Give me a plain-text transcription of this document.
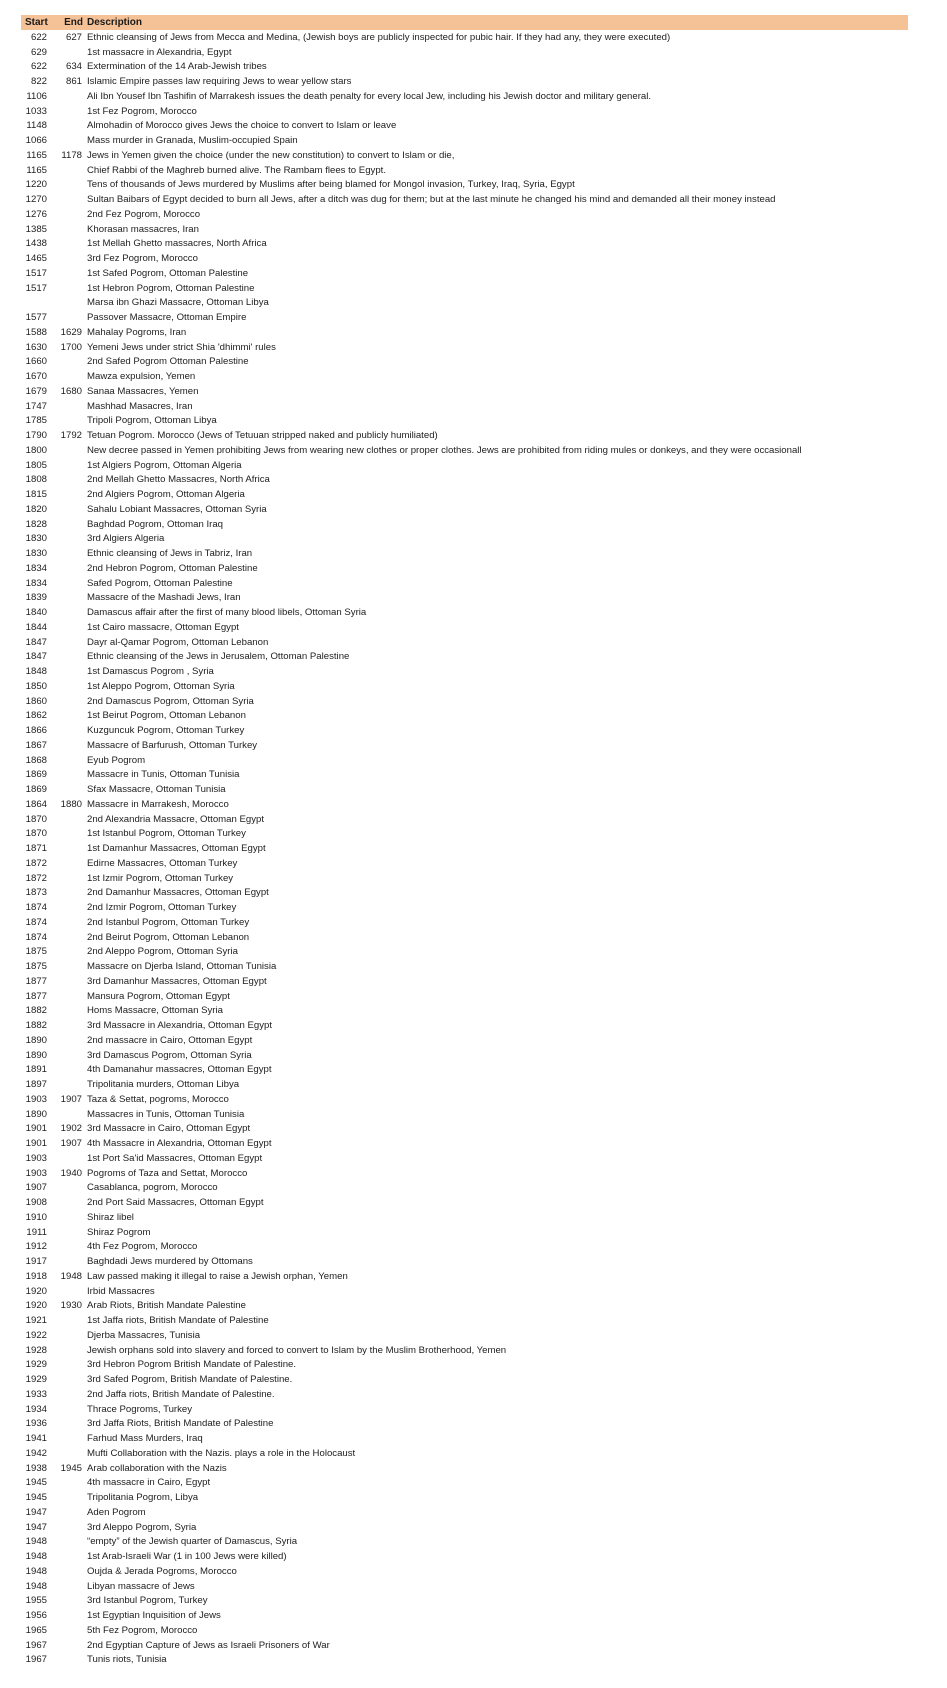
Start	End Description
622	627 Ethnic cleansing of Jews from Mecca and Medina, (Jewish boys are publicly inspected for pubic hair. If they had any, they were executed)
629	1st massacre in Alexandria, Egypt
622	634 Extermination of the 14 Arab-Jewish tribes
822	861 Islamic Empire passes law requiring Jews to wear yellow stars
1106	Ali Ibn Yousef Ibn Tashifin of Marrakesh issues the death penalty for every local Jew, including his Jewish doctor and military general.
1033	1st Fez Pogrom, Morocco
1148	Almohadin of Morocco gives Jews the choice to convert to Islam or leave
1066	Mass murder in Granada, Muslim-occupied Spain
1165	1178 Jews in Yemen given the choice (under the new constitution) to convert to Islam or die,
1165	Chief Rabbi of the Maghreb burned alive. The Rambam flees to Egypt.
1220	Tens of thousands of Jews murdered by Muslims after being blamed for Mongol invasion, Turkey, Iraq, Syria, Egypt
1270	Sultan Baibars of Egypt decided to burn all Jews, after a ditch was dug for them; but at the last minute he changed his mind and demanded all their money instead
1276	2nd Fez Pogrom, Morocco
1385	Khorasan massacres, Iran
1438	1st Mellah Ghetto massacres, North Africa
1465	3rd Fez Pogrom, Morocco
1517	1st Safed Pogrom, Ottoman Palestine
1517	1st Hebron Pogrom, Ottoman Palestine
Marsa ibn Ghazi Massacre, Ottoman Libya
1577	Passover Massacre, Ottoman Empire
1588	1629 Mahalay Pogroms, Iran
1630	1700 Yemeni Jews under strict Shia 'dhimmi' rules
1660	2nd Safed Pogrom Ottoman Palestine
1670	Mawza expulsion, Yemen
1679	1680 Sanaa Massacres, Yemen
1747	Mashhad Masacres, Iran
1785	Tripoli Pogrom, Ottoman Libya
1790	1792 Tetuan Pogrom. Morocco (Jews of Tetuuan stripped naked and publicly humiliated)
1800	New decree passed in Yemen prohibiting Jews from wearing new clothes or proper clothes. Jews are prohibited from riding mules or donkeys, and they were occasionall
1805	1st Algiers Pogrom, Ottoman Algeria
1808	2nd Mellah Ghetto Massacres, North Africa
1815	2nd Algiers Pogrom, Ottoman Algeria
1820	Sahalu Lobiant Massacres, Ottoman Syria
1828	Baghdad Pogrom, Ottoman Iraq
1830	3rd Algiers Algeria
1830	Ethnic cleansing of Jews in Tabriz, Iran
1834	2nd Hebron Pogrom, Ottoman Palestine
1834	Safed Pogrom, Ottoman Palestine
1839	Massacre of the Mashadi Jews, Iran
1840	Damascus affair after the first of many blood libels, Ottoman Syria
1844	1st Cairo massacre, Ottoman Egypt
1847	Dayr al-Qamar Pogrom, Ottoman Lebanon
1847	Ethnic cleansing of the Jews in Jerusalem, Ottoman Palestine
1848	1st Damascus Pogrom , Syria
1850	1st Aleppo Pogrom, Ottoman Syria
1860	2nd Damascus Pogrom, Ottoman Syria
1862	1st Beirut Pogrom, Ottoman Lebanon
1866	Kuzguncuk Pogrom, Ottoman Turkey
1867	Massacre of Barfurush, Ottoman Turkey
1868	Eyub Pogrom
1869	Massacre in Tunis, Ottoman Tunisia
1869	Sfax Massacre, Ottoman Tunisia
1864	1880 Massacre in Marrakesh, Morocco
1870	2nd Alexandria Massacre, Ottoman Egypt
1870	1st Istanbul Pogrom, Ottoman Turkey
1871	1st Damanhur Massacres, Ottoman Egypt
1872	Edirne Massacres, Ottoman Turkey
1872	1st Izmir Pogrom, Ottoman Turkey
1873	2nd Damanhur Massacres, Ottoman Egypt
1874	2nd Izmir Pogrom, Ottoman Turkey
1874	2nd Istanbul Pogrom, Ottoman Turkey
1874	2nd Beirut Pogrom, Ottoman Lebanon
1875	2nd Aleppo Pogrom, Ottoman Syria
1875	Massacre on Djerba Island, Ottoman Tunisia
1877	3rd Damanhur Massacres, Ottoman Egypt
1877	Mansura Pogrom, Ottoman Egypt
1882	Homs Massacre, Ottoman Syria
1882	3rd Massacre in Alexandria, Ottoman Egypt
1890	2nd massacre in Cairo, Ottoman Egypt
1890	3rd Damascus Pogrom, Ottoman Syria
1891	4th Damanahur massacres, Ottoman Egypt
1897	Tripolitania murders, Ottoman Libya
1903	1907 Taza & Settat, pogroms, Morocco
1890	Massacres in Tunis, Ottoman Tunisia
1901	1902 3rd Massacre in Cairo, Ottoman Egypt
1901	1907 4th Massacre in Alexandria, Ottoman Egypt
1903	1st Port Sa'id Massacres, Ottoman Egypt
1903	1940 Pogroms of Taza and Settat, Morocco
1907	Casablanca, pogrom, Morocco
1908	2nd Port Said Massacres, Ottoman Egypt
1910	Shiraz libel
1911	Shiraz Pogrom
1912	4th Fez Pogrom, Morocco
1917	Baghdadi Jews murdered by Ottomans
1918	1948 Law passed making it illegal to raise a Jewish orphan, Yemen
1920	Irbid Massacres
1920	1930 Arab Riots, British Mandate Palestine
1921	1st Jaffa riots, British Mandate of Palestine
1922	Djerba Massacres, Tunisia
1928	Jewish orphans sold into slavery and forced to convert to Islam by the Muslim Brotherhood, Yemen
1929	3rd Hebron Pogrom British Mandate of Palestine.
1929	3rd Safed Pogrom, British Mandate of Palestine.
1933	2nd Jaffa riots, British Mandate of Palestine.
1934	Thrace Pogroms, Turkey
1936	3rd Jaffa Riots, British Mandate of Palestine
1941	Farhud Mass Murders, Iraq
1942	Mufti Collaboration with the Nazis. plays a role in the Holocaust
1938	1945 Arab collaboration with the Nazis
1945	4th massacre in Cairo, Egypt
1945	Tripolitania Pogrom, Libya
1947	Aden Pogrom
1947	3rd Aleppo Pogrom, Syria
1948	“empty” of the Jewish quarter of Damascus, Syria
1948	1st Arab-Israeli War (1 in 100 Jews were killed)
1948	Oujda & Jerada Pogroms, Morocco
1948	Libyan massacre of Jews
1955	3rd Istanbul Pogrom, Turkey
1956	1st Egyptian Inquisition of Jews
1965	5th Fez Pogrom, Morocco
1967	2nd Egyptian Capture of Jews as Israeli Prisoners of War
1967	Tunis riots, Tunisia
